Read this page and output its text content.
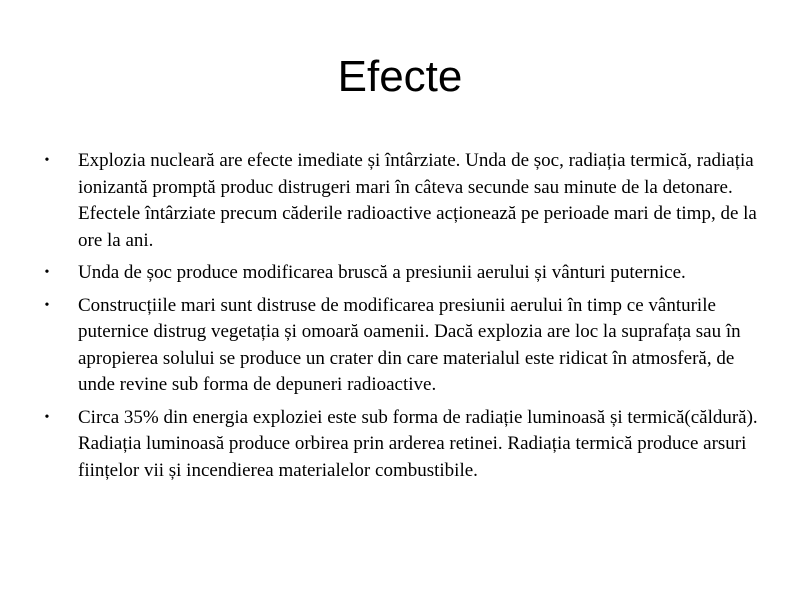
Efecte
• Explozia nucleară are efecte imediate și întârziate. Unda de șoc, radiația termică, radiația ionizantă promptă produc distrugeri mari în câteva secunde sau minute de la detonare. Efectele întârziate precum căderile radioactive acționează pe perioade mari de timp, de la ore la ani.
• Unda de șoc produce modificarea bruscă a presiunii aerului și vânturi puternice.
• Construcțiile mari sunt distruse de modificarea presiunii aerului în timp ce vânturile puternice distrug vegetația și omoară oamenii. Dacă explozia are loc la suprafața sau în apropierea solului se produce un crater din care materialul este ridicat în atmosferă, de unde revine sub forma de depuneri radioactive.
• Circa 35% din energia exploziei este sub forma de radiație luminoasă și termică(căldură). Radiația luminoasă produce orbirea prin arderea retinei. Radiația termică produce arsuri ființelor vii și incendierea materialelor combustibile.
